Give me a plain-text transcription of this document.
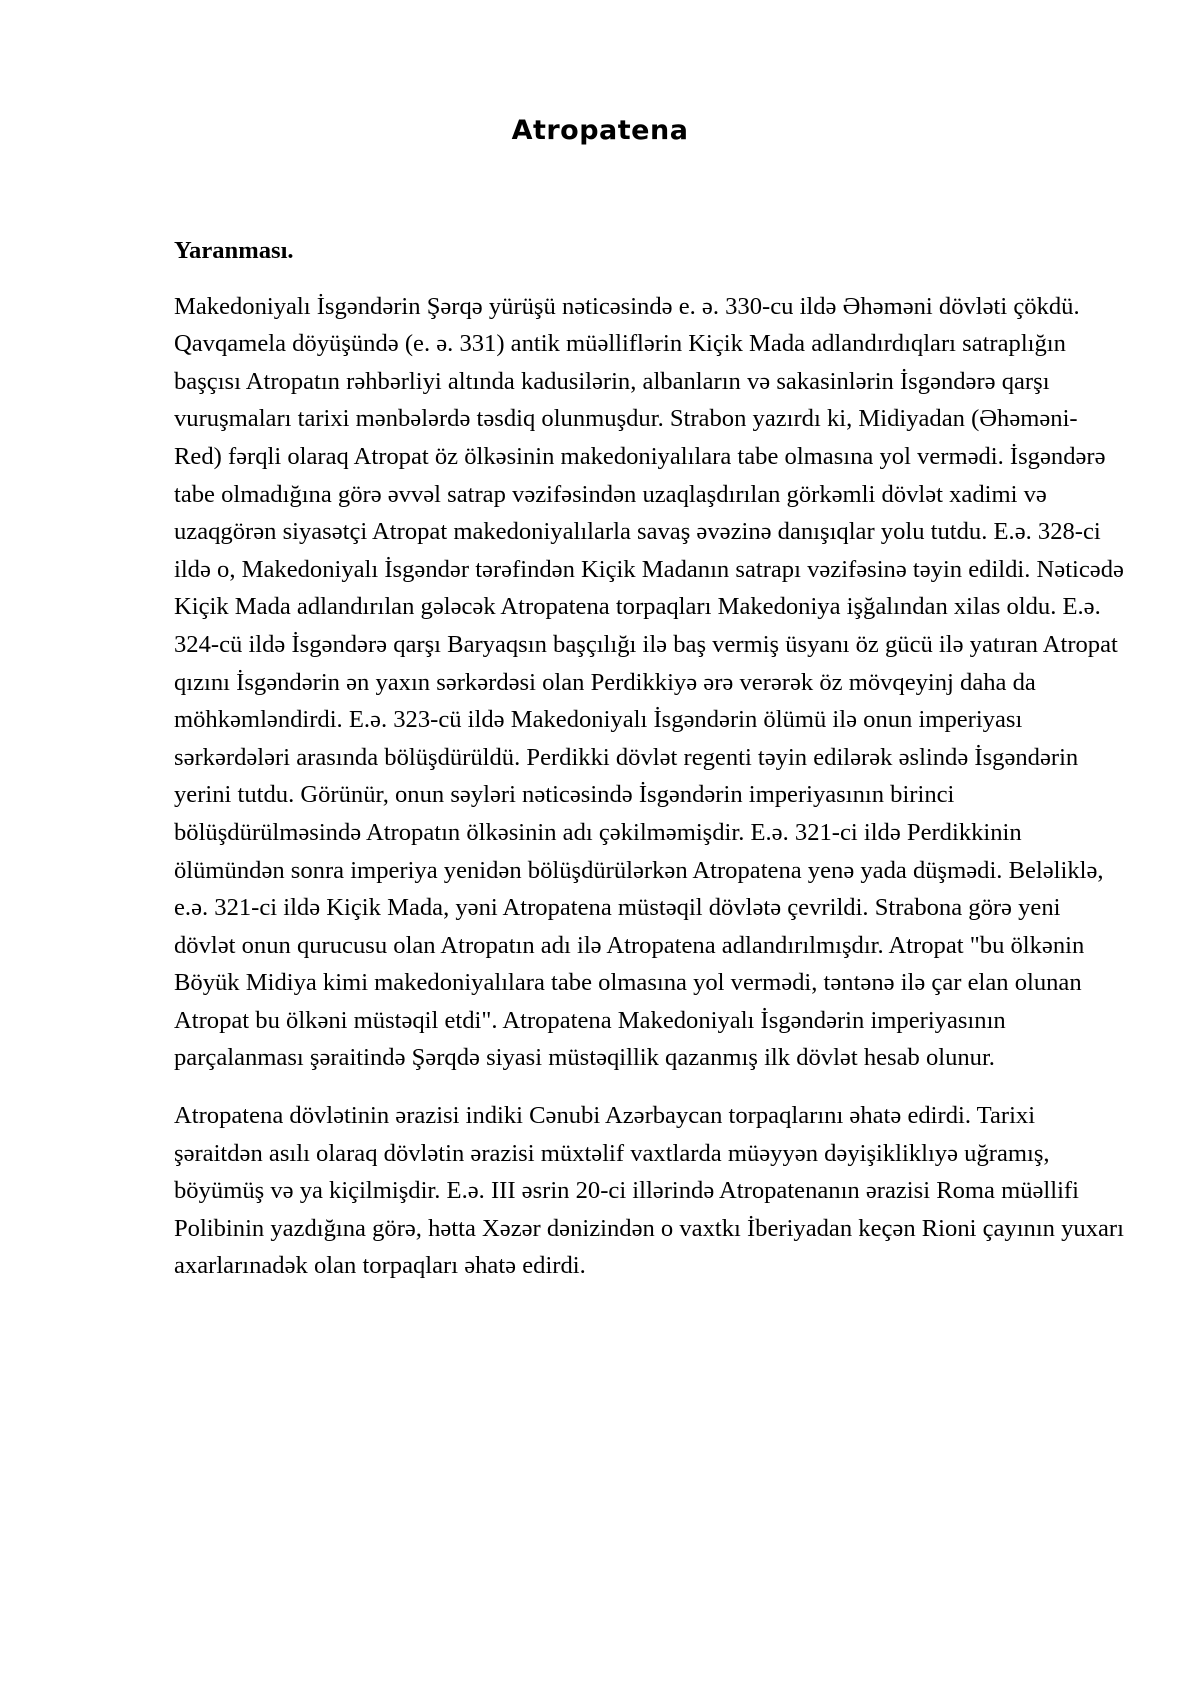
Atropatena
Yaranması.

Makedoniyalı İsgəndərin Şərqə yürüşü nəticəsində e. ə. 330-cu ildə Əhəməni dövləti çökdü. Qavqamela döyüşündə (e. ə. 331) antik müəlliflərin Kiçik Mada adlandırdıqları satraplığın başçısı Atropatın rəhbərliyi altında kadusilərin, albanların və sakasinlərin İsgəndərə qarşı vuruşmaları tarixi mənbələrdə təsdiq olunmuşdur. Strabon yazırdı ki, Midiyadan (Əhəməni-Red) fərqli olaraq Atropat öz ölkəsinin makedoniyalılara tabe olmasına yol vermədi. İsgəndərə tabe olmadığına görə əvvəl satrap vəzifəsindən uzaqlaşdırılan görkəmli dövlət xadimi və uzaqgörən siyasətçi Atropat makedoniyalılarla savaş əvəzinə danışıqlar yolu tutdu. E.ə. 328-ci ildə o, Makedoniyalı İsgəndər tərəfindən Kiçik Madanın satrapı vəzifəsinə təyin edildi. Nəticədə Kiçik Mada adlandırılan gələcək Atropatena torpaqları Makedoniya işğalından xilas oldu. E.ə. 324-cü ildə İsgəndərə qarşı Baryaqsın başçılığı ilə baş vermiş üsyanı öz gücü ilə yatıran Atropat qızını İsgəndərin ən yaxın sərkərdəsi olan Perdikkiyə ərə verərək öz mövqeyinj daha da möhkəmləndirdi. E.ə. 323-cü ildə Makedoniyalı İsgəndərin ölümü ilə onun imperiyası sərkərdələri arasında bölüşdürüldü. Perdikki dövlət regenti təyin edilərək əslində İsgəndərin yerini tutdu. Görünür, onun səyləri nəticəsində İsgəndərin imperiyasının birinci bölüşdürülməsində Atropatın ölkəsinin adı çəkilməmişdir. E.ə. 321-ci ildə Perdikkinin ölümündən sonra imperiya yenidən bölüşdürülərkən Atropatena yenə yada düşmədi. Beləliklə, e.ə. 321-ci ildə Kiçik Mada, yəni Atropatena müstəqil dövlətə çevrildi. Strabona görə yeni dövlət onun qurucusu olan Atropatın adı ilə Atropatena adlandırılmışdır. Atropat "bu ölkənin Böyük Midiya kimi makedoniyalılara tabe olmasına yol vermədi, təntənə ilə çar elan olunan Atropat bu ölkəni müstəqil etdi". Atropatena Makedoniyalı İsgəndərin imperiyasının parçalanması şəraitində Şərqdə siyasi müstəqillik qazanmış ilk dövlət hesab olunur.

Atropatena dövlətinin ərazisi indiki Cənubi Azərbaycan torpaqlarını əhatə edirdi. Tarixi şəraitdən asılı olaraq dövlətin ərazisi müxtəlif vaxtlarda müəyyən dəyişikliklıyə uğramış, böyümüş və ya kiçilmişdir. E.ə. III əsrin 20-ci illərində Atropatenanın ərazisi Roma müəllifi Polibinin yazdığına görə, hətta Xəzər dənizindən o vaxtkı İberiyadan keçən Rioni çayının yuxarı axarlarınadək olan torpaqları əhatə edirdi.
